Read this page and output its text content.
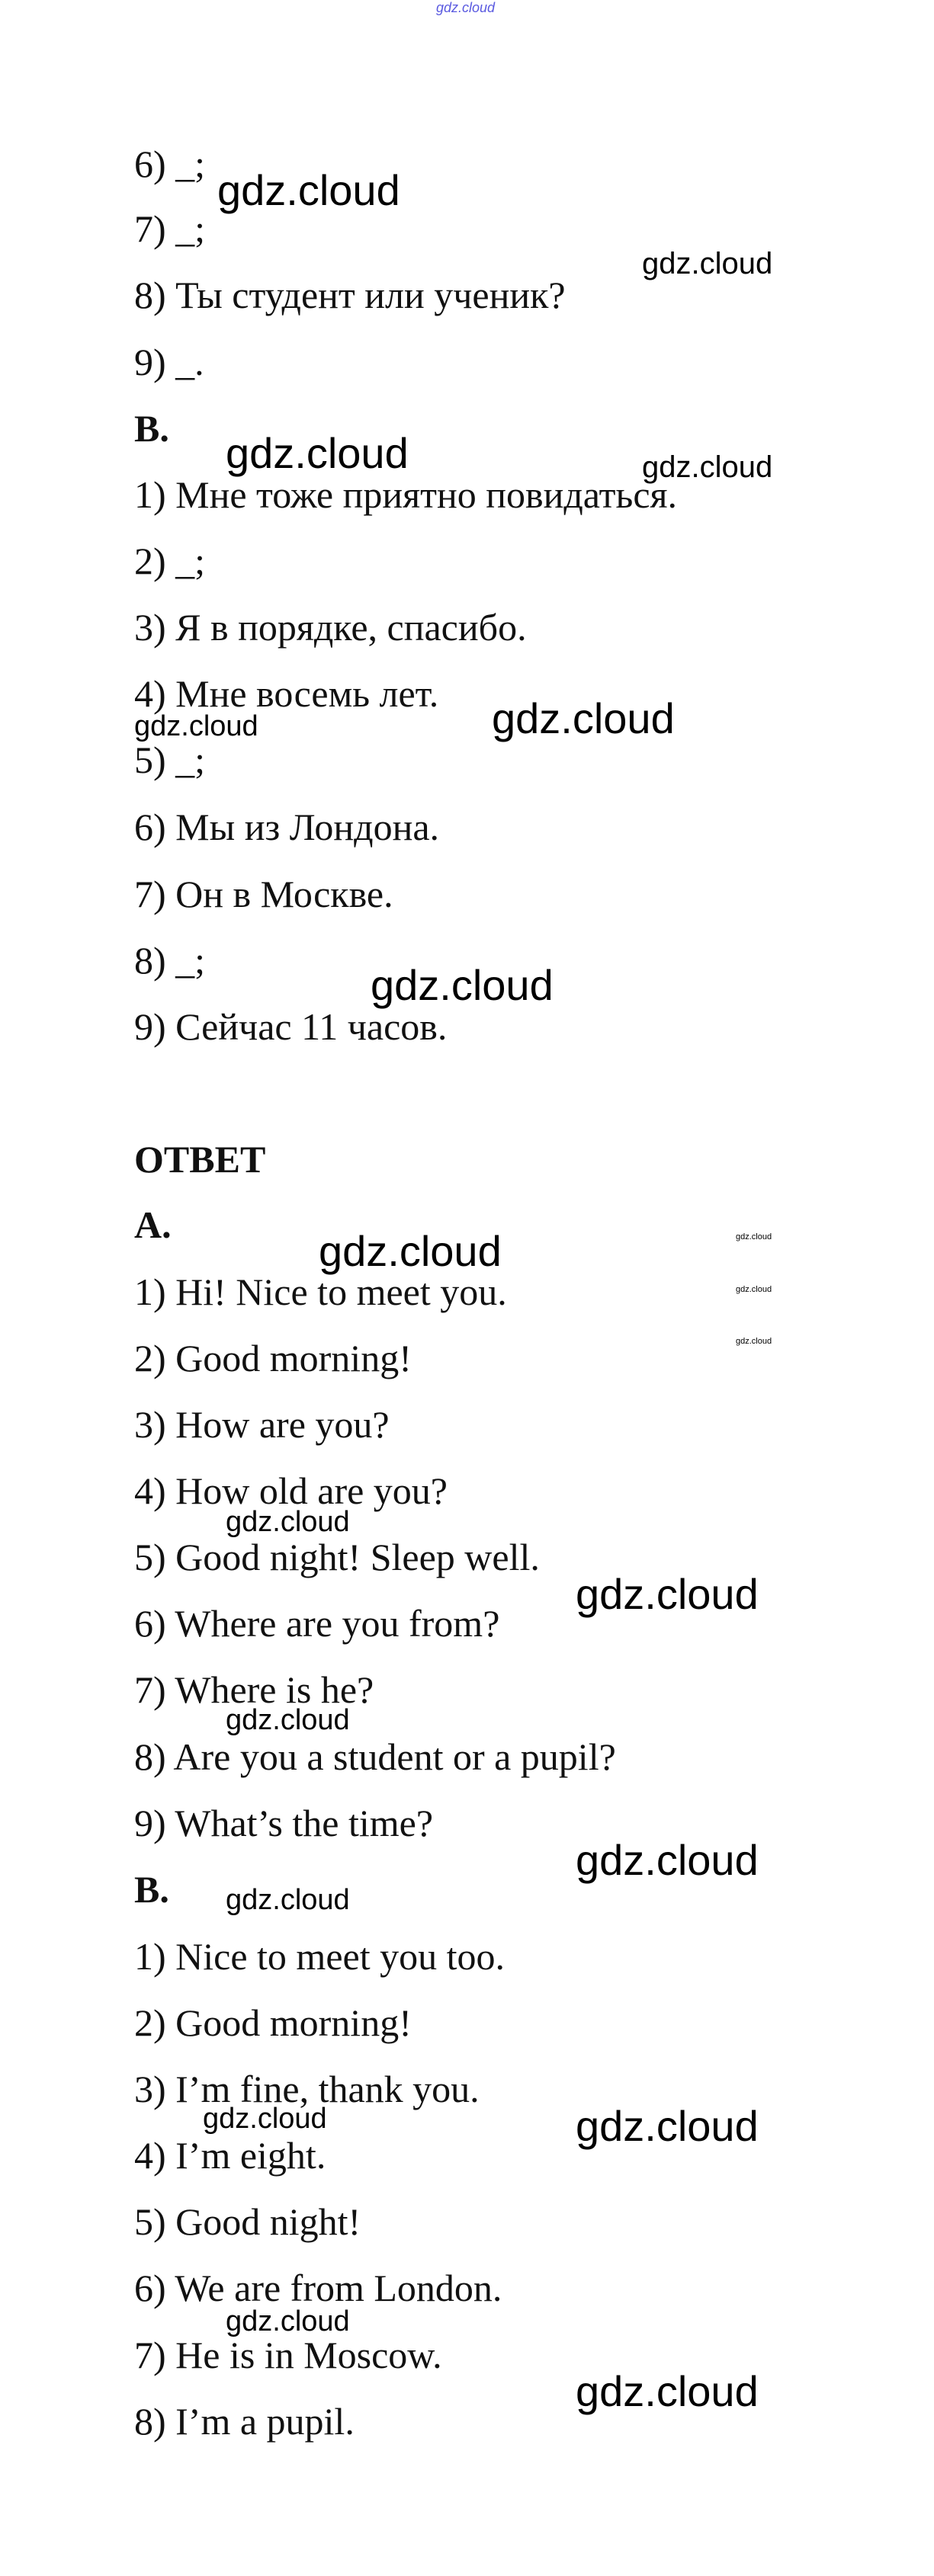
gdz.cloud
6) _;
7) _;
8) Ты студент или ученик?
9) _.
B.
1) Мне тоже приятно повидаться.
2) _;
3) Я в порядке, спасибо.
4) Мне восемь лет.
5) _;
6) Мы из Лондона.
7) Он в Москве.
8) _;
9) Сейчас 11 часов.
ОТВЕТ
A.
1) Hi! Nice to meet you.
2) Good morning!
3) How are you?
4) How old are you?
5) Good night! Sleep well.
6) Where are you from?
7) Where is he?
8) Are you a student or a pupil?
9) What’s the time?
B.
1) Nice to meet you too.
2) Good morning!
3) I’m fine, thank you.
4) I’m eight.
5) Good night!
6) We are from London.
7) He is in Moscow.
8) I’m a pupil.
gdz.cloud
gdz.cloud
gdz.cloud	gdz.cloud
gdz.cloud	gdz.cloud
gdz.cloud
gdz.cloud	gdz.cloud
gdz.cloud
gdz.cloud
gdz.cloud
gdz.cloud
gdz.cloud
gdz.cloud
gdz.cloud
gdz.cloud	gdz.cloud
gdz.cloud
gdz.cloud
